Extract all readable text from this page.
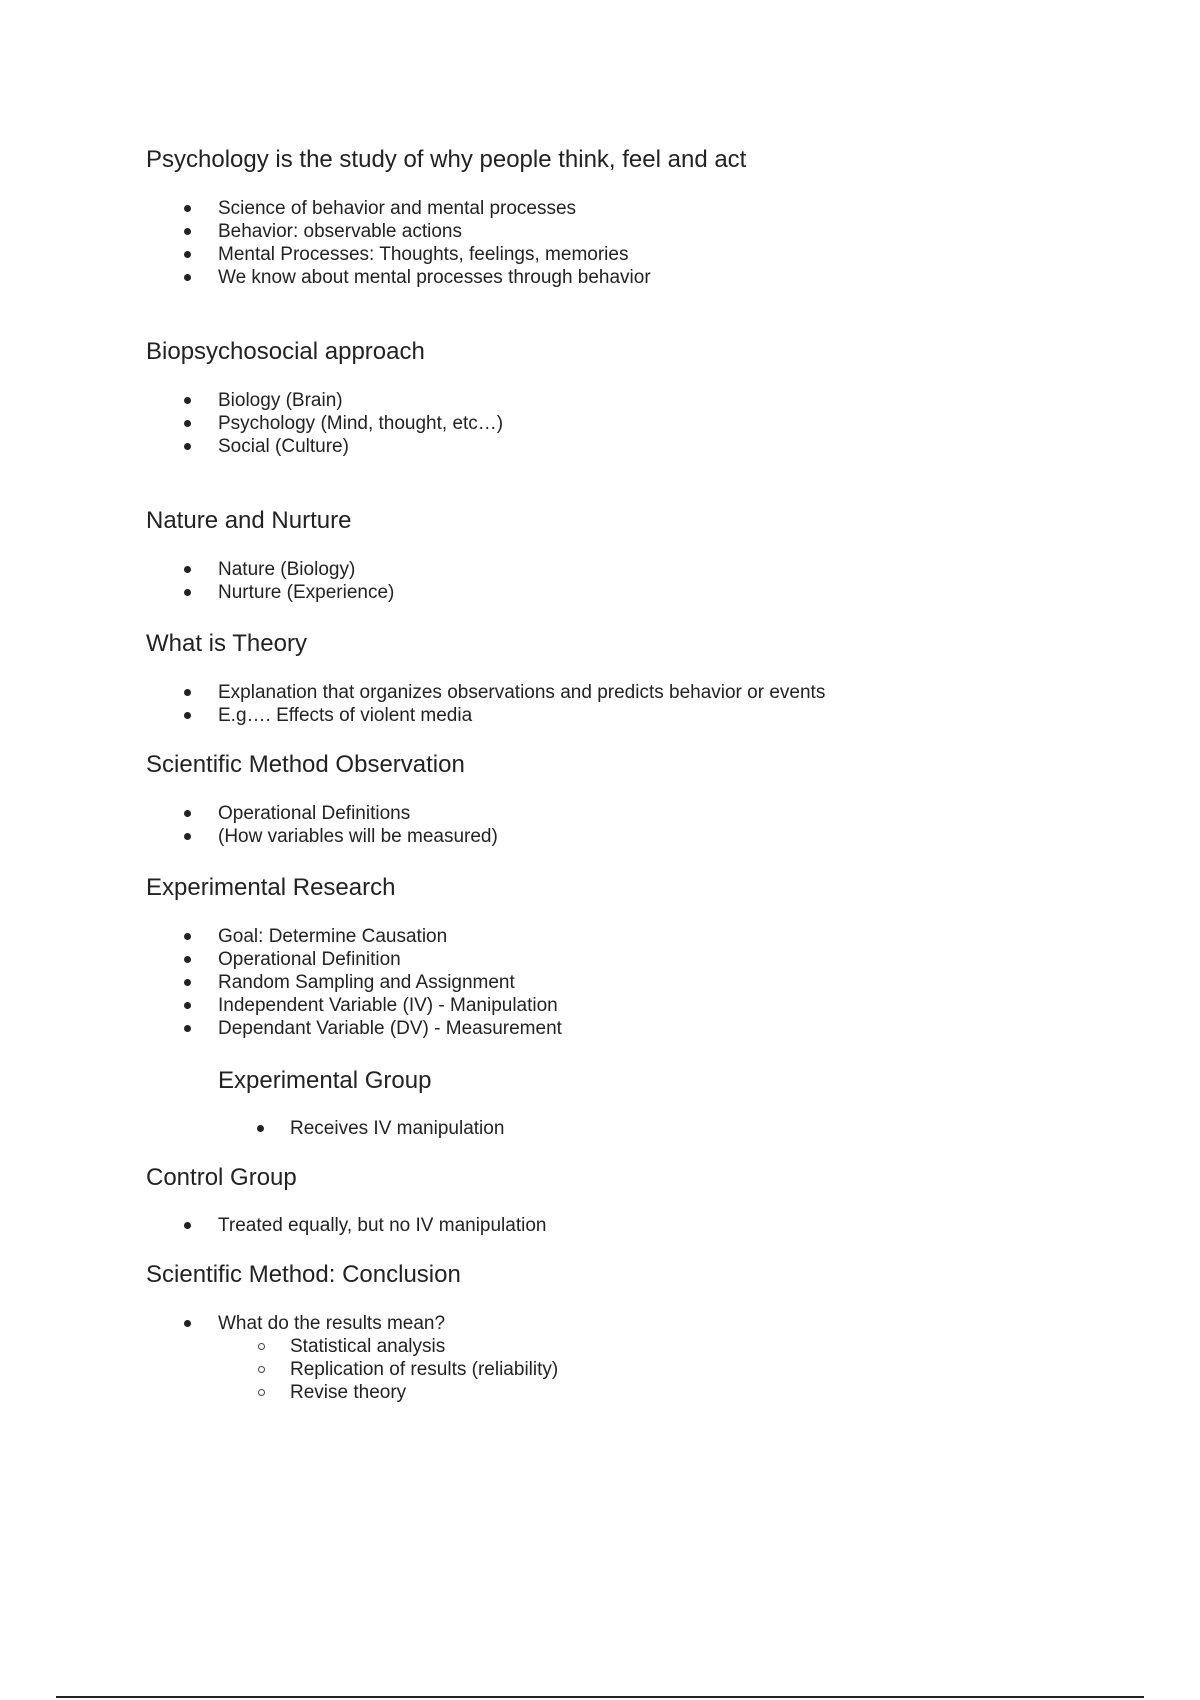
Psychology is the study of why people think, feel and act
Science of behavior and mental processes
Behavior: observable actions
Mental Processes: Thoughts, feelings, memories
We know about mental processes through behavior
Biopsychosocial approach
Biology (Brain)
Psychology (Mind, thought, etc…)
Social (Culture)
Nature and Nurture
Nature (Biology)
Nurture (Experience)
What is Theory
Explanation that organizes observations and predicts behavior or events
E.g…. Effects of violent media
Scientific Method Observation
Operational Definitions
(How variables will be measured)
Experimental Research
Goal: Determine Causation
Operational Definition
Random Sampling and Assignment
Independent Variable (IV) - Manipulation
Dependant Variable (DV) - Measurement
Experimental Group
Receives IV manipulation
Control Group
Treated equally, but no IV manipulation
Scientific Method: Conclusion
What do the results mean?
Statistical analysis
Replication of results (reliability)
Revise theory
